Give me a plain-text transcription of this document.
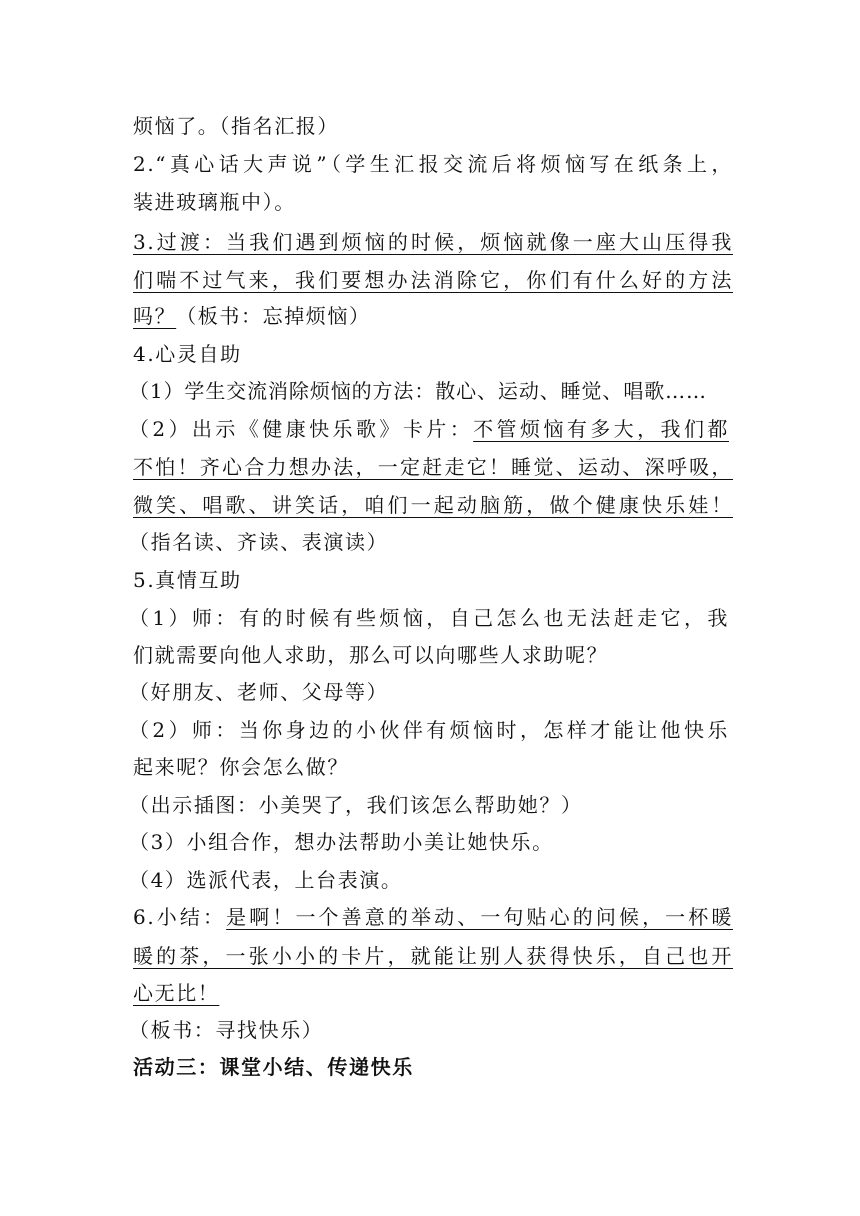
烦恼了。（指名汇报）
2.“真心话大声说”（学生汇报交流后将烦恼写在纸条上，
装进玻璃瓶中）。
3.过渡：当我们遇到烦恼的时候，烦恼就像一座大山压得我
们喘不过气来，我们要想办法消除它，你们有什么好的方法
吗？（板书：忘掉烦恼）
4.心灵自助
（1）学生交流消除烦恼的方法：散心、运动、睡觉、唱歌……
（2）出示《健康快乐歌》卡片：不管烦恼有多大，我们都
不怕！齐心合力想办法，一定赶走它！睡觉、运动、深呼吸，
微笑、唱歌、讲笑话，咱们一起动脑筋，做个健康快乐娃！
（指名读、齐读、表演读）
5.真情互助
（1）师：有的时候有些烦恼，自己怎么也无法赶走它，我
们就需要向他人求助，那么可以向哪些人求助呢？
（好朋友、老师、父母等）
（2）师：当你身边的小伙伴有烦恼时，怎样才能让他快乐
起来呢？你会怎么做？
（出示插图：小美哭了，我们该怎么帮助她？）
（3）小组合作，想办法帮助小美让她快乐。
（4）选派代表，上台表演。
6.小结：是啊！一个善意的举动、一句贴心的问候，一杯暖
暖的茶，一张小小的卡片，就能让别人获得快乐，自己也开
心无比！
（板书：寻找快乐）
活动三：课堂小结、传递快乐
